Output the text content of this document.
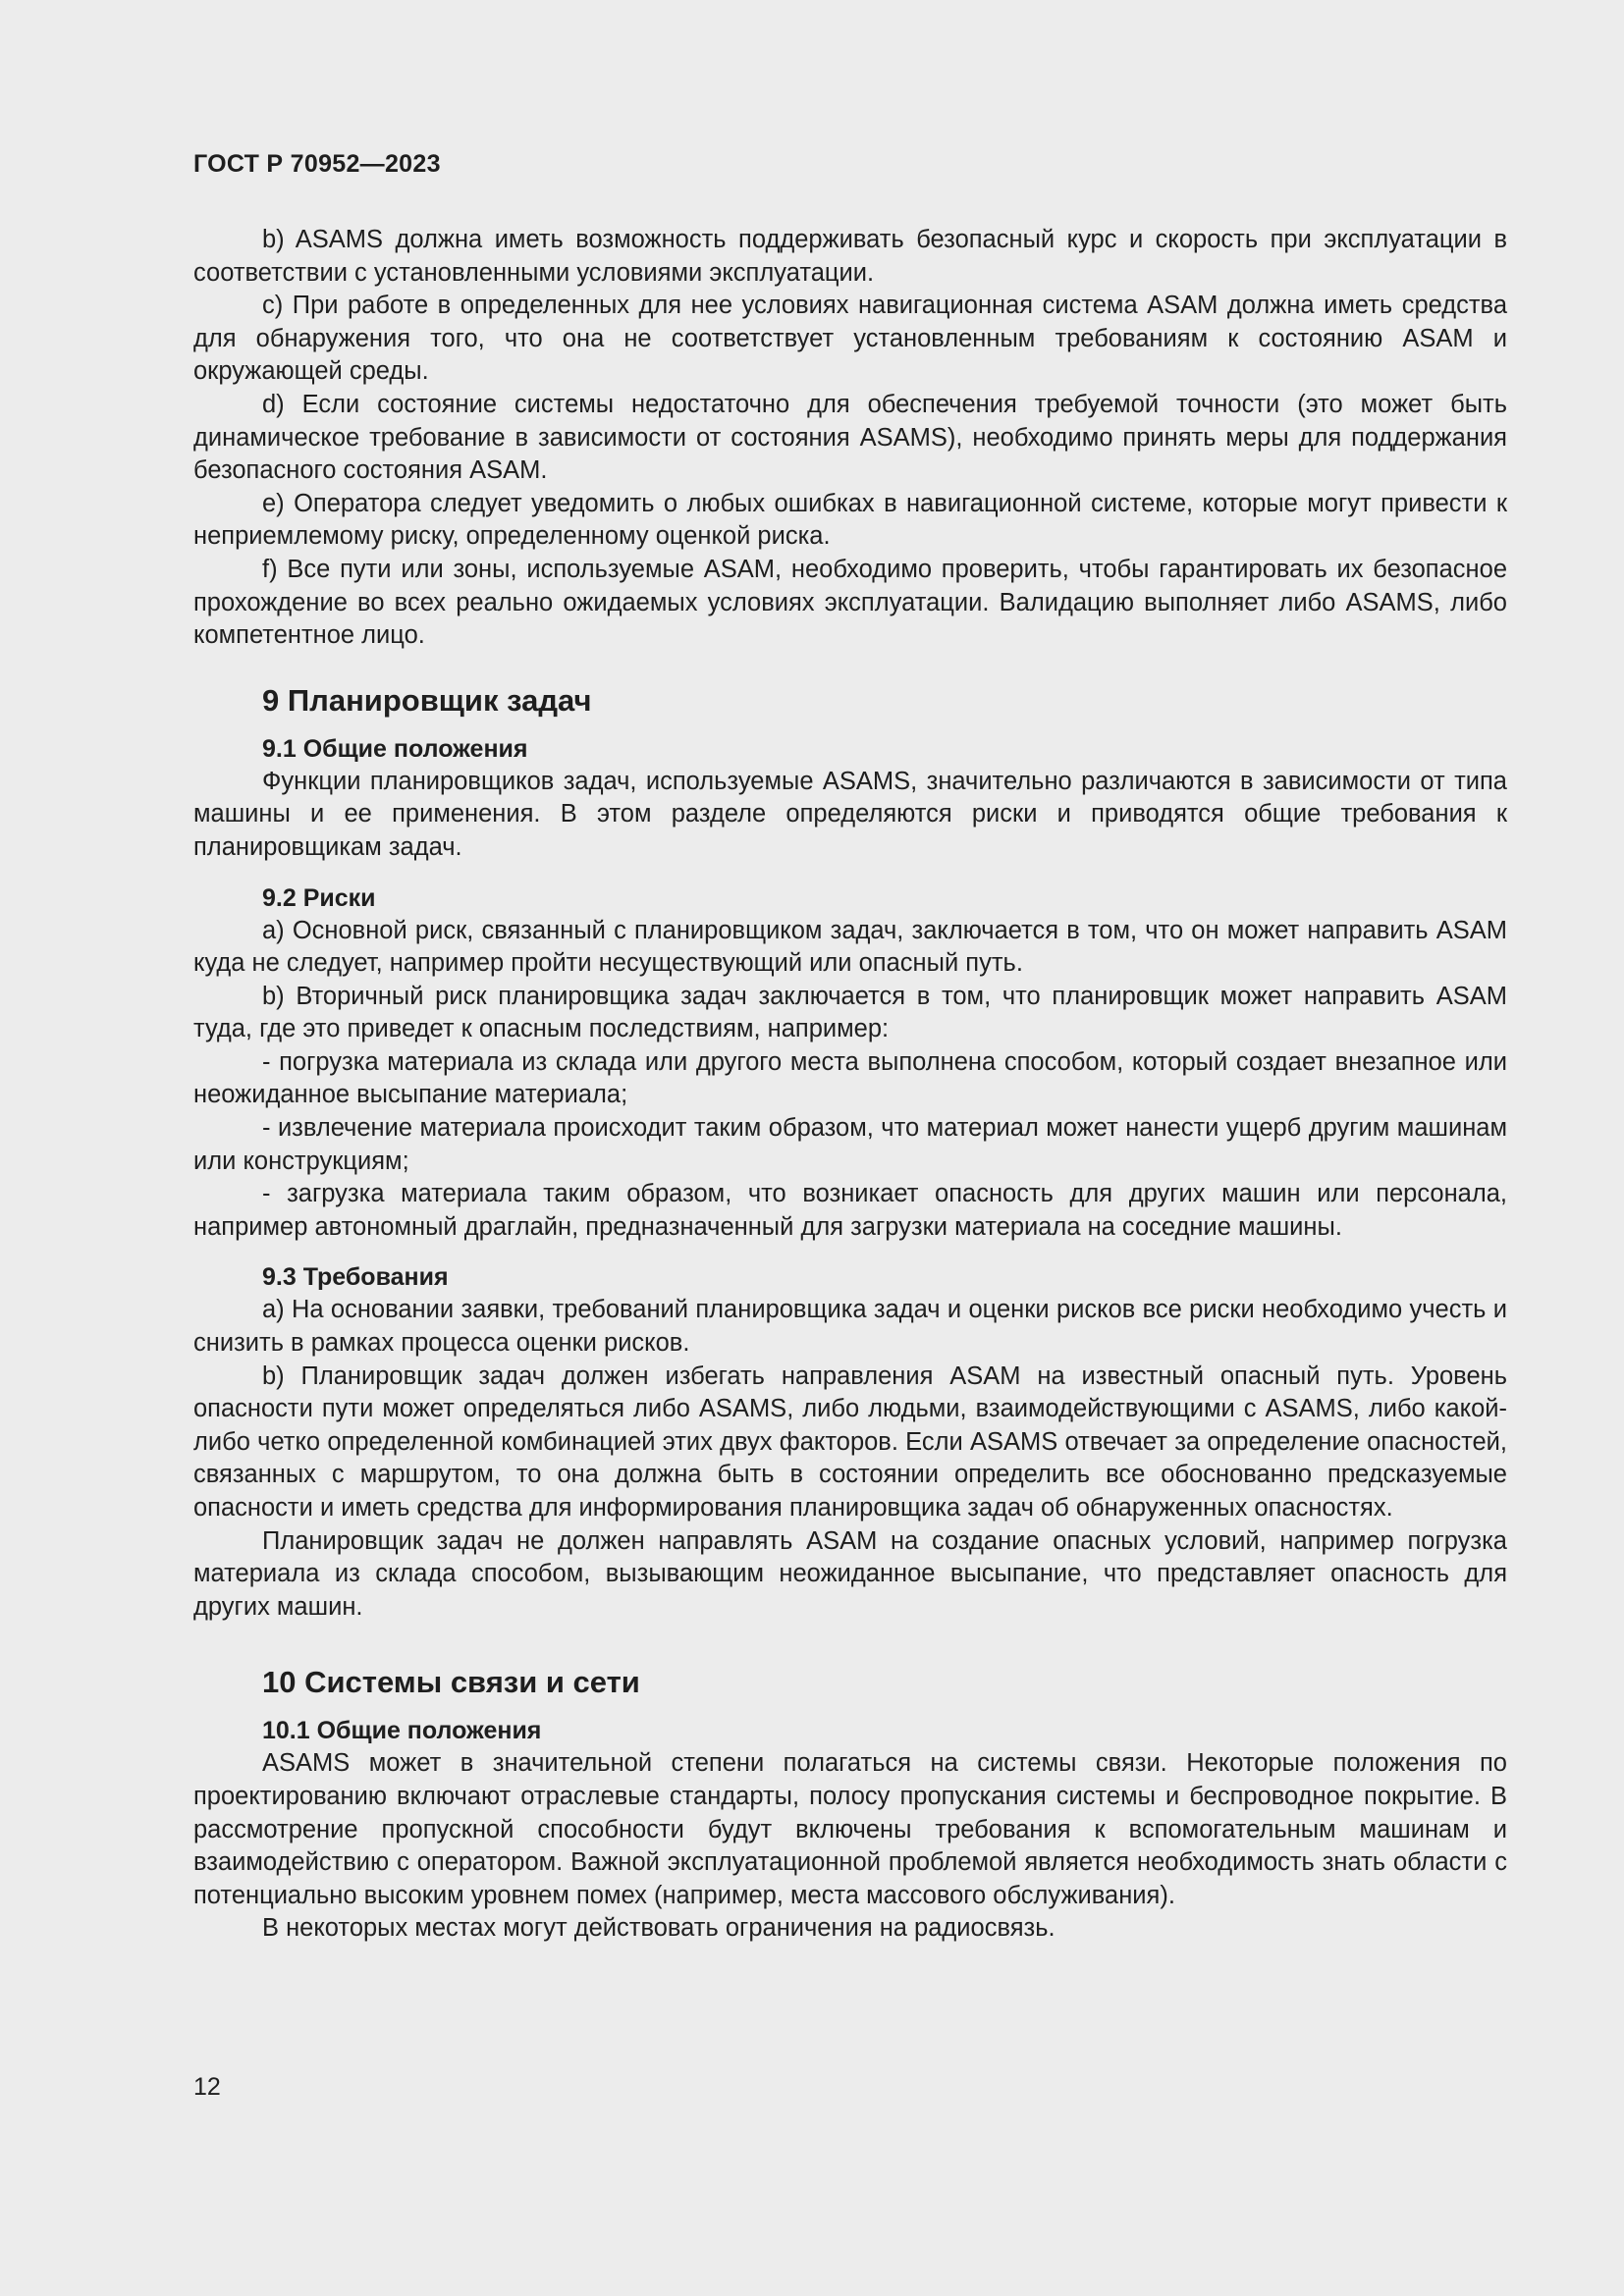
ГОСТ Р 70952—2023

b) ASAMS должна иметь возможность поддерживать безопасный курс и скорость при эксплуатации в соответствии с установленными условиями эксплуатации.

c) При работе в определенных для нее условиях навигационная система ASAM должна иметь средства для обнаружения того, что она не соответствует установленным требованиям к состоянию ASAM и окружающей среды.

d) Если состояние системы недостаточно для обеспечения требуемой точности (это может быть динамическое требование в зависимости от состояния ASAMS), необходимо принять меры для поддержания безопасного состояния ASAM.

e) Оператора следует уведомить о любых ошибках в навигационной системе, которые могут привести к неприемлемому риску, определенному оценкой риска.

f) Все пути или зоны, используемые ASAM, необходимо проверить, чтобы гарантировать их безопасное прохождение во всех реально ожидаемых условиях эксплуатации. Валидацию выполняет либо ASAMS, либо компетентное лицо.

9 Планировщик задач
9.1 Общие положения

Функции планировщиков задач, используемые ASAMS, значительно различаются в зависимости от типа машины и ее применения. В этом разделе определяются риски и приводятся общие требования к планировщикам задач.

9.2 Риски

a) Основной риск, связанный с планировщиком задач, заключается в том, что он может направить ASAM куда не следует, например пройти несуществующий или опасный путь.

b) Вторичный риск планировщика задач заключается в том, что планировщик может направить ASAM туда, где это приведет к опасным последствиям, например:

- погрузка материала из склада или другого места выполнена способом, который создает внезапное или неожиданное высыпание материала;

- извлечение материала происходит таким образом, что материал может нанести ущерб другим машинам или конструкциям;

- загрузка материала таким образом, что возникает опасность для других машин или персонала, например автономный драглайн, предназначенный для загрузки материала на соседние машины.

9.3 Требования

a) На основании заявки, требований планировщика задач и оценки рисков все риски необходимо учесть и снизить в рамках процесса оценки рисков.

b) Планировщик задач должен избегать направления ASAM на известный опасный путь. Уровень опасности пути может определяться либо ASAMS, либо людьми, взаимодействующими с ASAMS, либо какой-либо четко определенной комбинацией этих двух факторов. Если ASAMS отвечает за определение опасностей, связанных с маршрутом, то она должна быть в состоянии определить все обоснованно предсказуемые опасности и иметь средства для информирования планировщика задач об обнаруженных опасностях.

Планировщик задач не должен направлять ASAM на создание опасных условий, например погрузка материала из склада способом, вызывающим неожиданное высыпание, что представляет опасность для других машин.

10 Системы связи и сети
10.1 Общие положения

ASAMS может в значительной степени полагаться на системы связи. Некоторые положения по проектированию включают отраслевые стандарты, полосу пропускания системы и беспроводное покрытие. В рассмотрение пропускной способности будут включены требования к вспомогательным машинам и взаимодействию с оператором. Важной эксплуатационной проблемой является необходимость знать области с потенциально высоким уровнем помех (например, места массового обслуживания).

В некоторых местах могут действовать ограничения на радиосвязь.

12
